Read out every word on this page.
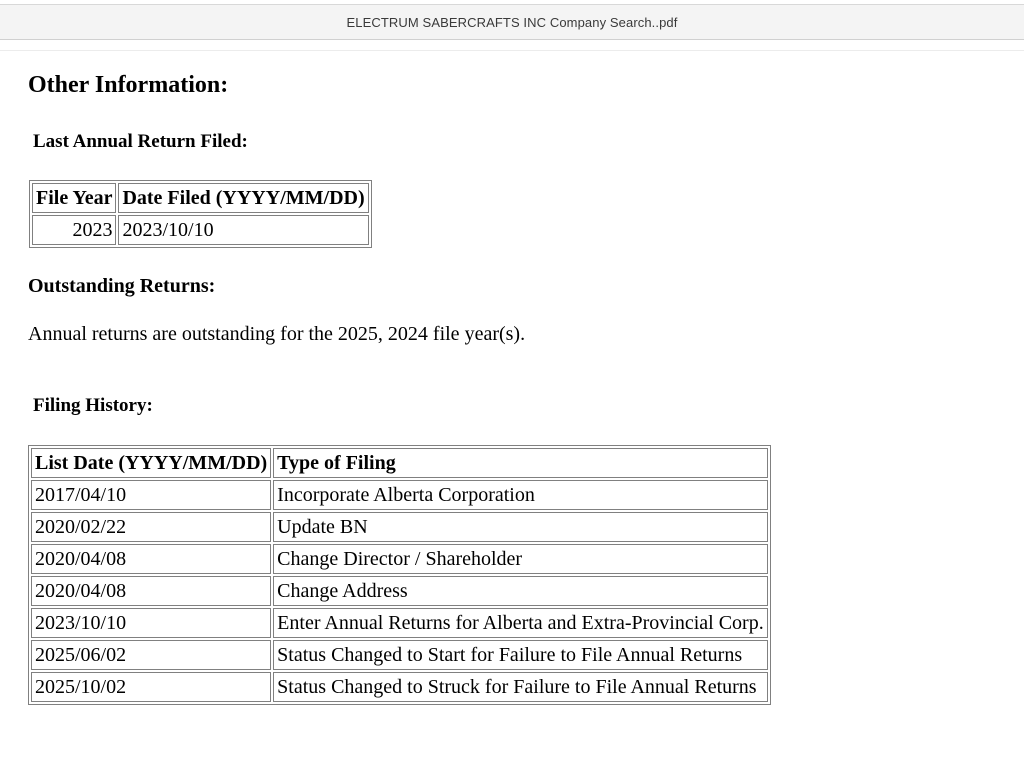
ELECTRUM SABERCRAFTS INC Company Search..pdf
Other Information:
Last Annual Return Filed:
File Year	Date Filed (YYYY/MM/DD)
2023	2023/10/10
Outstanding Returns:

Annual returns are outstanding for the 2025, 2024 file year(s).

Filing History:
List Date (YYYY/MM/DD)	Type of Filing
2017/04/10	Incorporate Alberta Corporation
2020/02/22	Update BN
2020/04/08	Change Director / Shareholder
2020/04/08	Change Address
2023/10/10	Enter Annual Returns for Alberta and Extra-Provincial Corp.
2025/06/02	Status Changed to Start for Failure to File Annual Returns
2025/10/02	Status Changed to Struck for Failure to File Annual Returns
